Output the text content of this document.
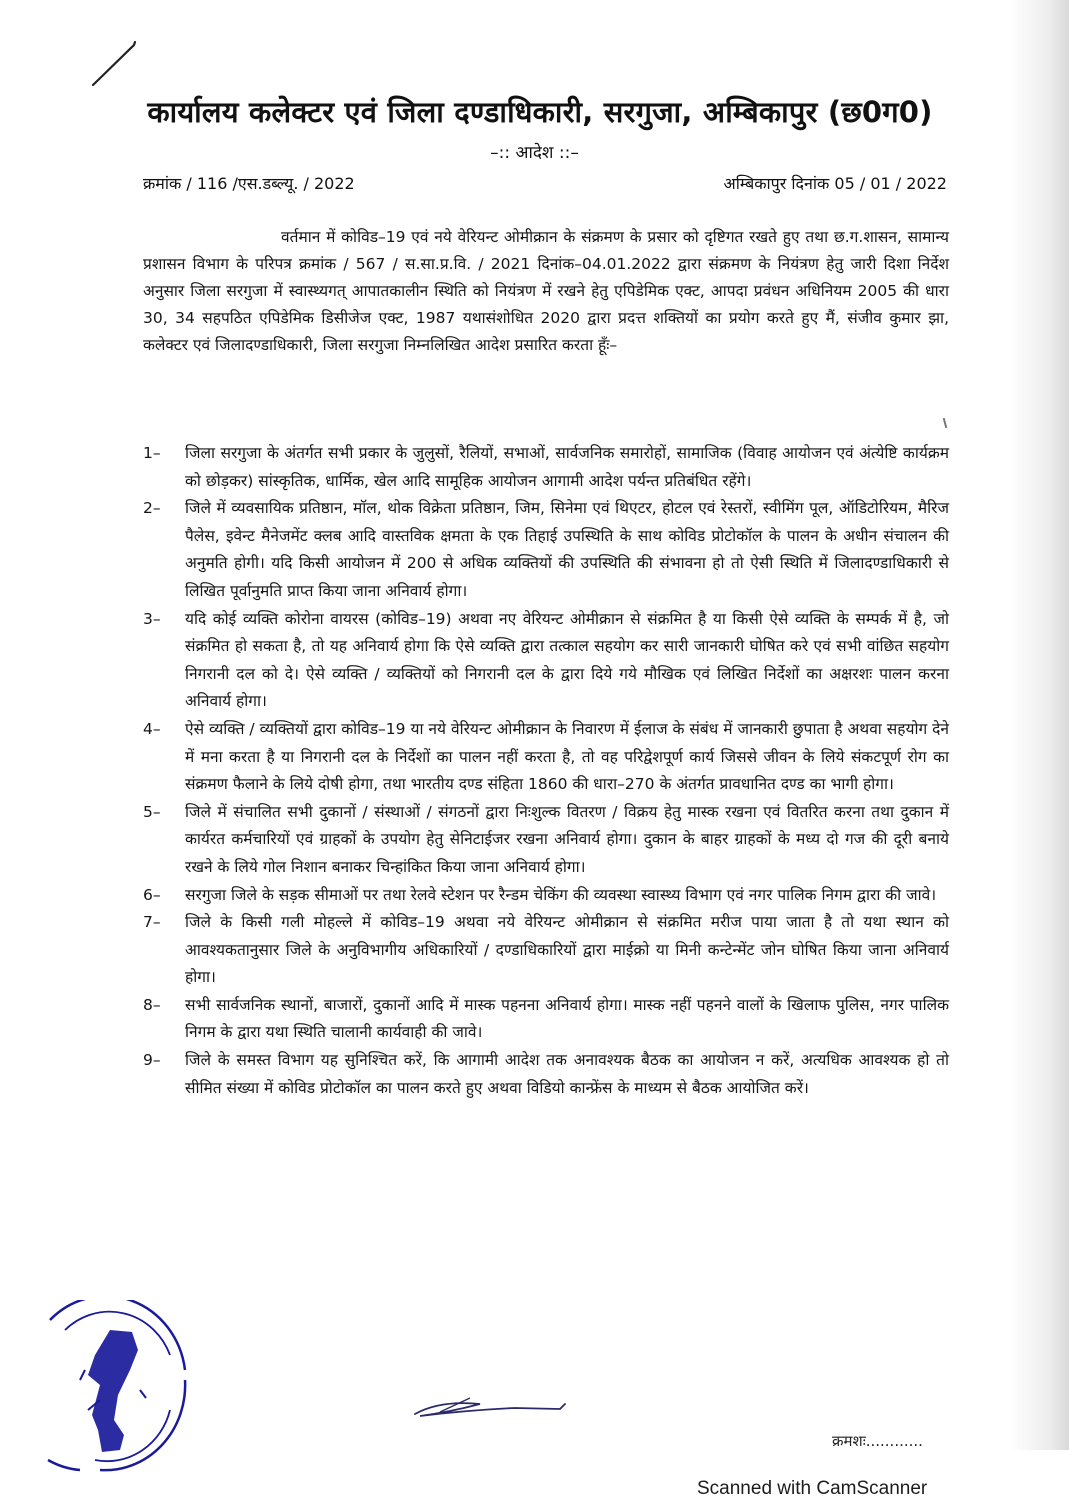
कार्यालय कलेक्टर एवं जिला दण्डाधिकारी, सरगुजा, अम्बिकापुर (छ0ग0)
–:: आदेश ::–
क्रमांक / 116 /एस.डब्ल्यू. / 2022	अम्बिकापुर दिनांक 05 / 01 / 2022
वर्तमान में कोविड–19 एवं नये वेरियन्ट ओमीक्रान के संक्रमण के प्रसार को दृष्टिगत रखते हुए तथा छ.ग.शासन, सामान्य प्रशासन विभाग के परिपत्र क्रमांक / 567 / स.सा.प्र.वि. / 2021 दिनांक–04.01.2022 द्वारा संक्रमण के नियंत्रण हेतु जारी दिशा निर्देश अनुसार जिला सरगुजा में स्वास्थ्यगत् आपातकालीन स्थिति को नियंत्रण में रखने हेतु एपिडेमिक एक्ट, आपदा प्रवंधन अधिनियम 2005 की धारा 30, 34 सहपठित एपिडेमिक डिसीजेज एक्ट, 1987 यथासंशोधित 2020 द्वारा प्रदत्त शक्तियों का प्रयोग करते हुए मैं, संजीव कुमार झा, कलेक्टर एवं जिलादण्डाधिकारी, जिला सरगुजा निम्नलिखित आदेश प्रसारित करता हूँः–
1–	जिला सरगुजा के अंतर्गत सभी प्रकार के जुलुसों, रैलियों, सभाओं, सार्वजनिक समारोहों, सामाजिक (विवाह आयोजन एवं अंत्येष्टि कार्यक्रम को छोड़कर) सांस्कृतिक, धार्मिक, खेल आदि सामूहिक आयोजन आगामी आदेश पर्यन्त प्रतिबंधित रहेंगे।
2–	जिले में व्यवसायिक प्रतिष्ठान, मॉल, थोक विक्रेता प्रतिष्ठान, जिम, सिनेमा एवं थिएटर, होटल एवं रेस्तरों, स्वीमिंग पूल, ऑडिटोरियम, मैरिज पैलेस, इवेन्ट मैनेजमेंट क्लब आदि वास्तविक क्षमता के एक तिहाई उपस्थिति के साथ कोविड प्रोटोकॉल के पालन के अधीन संचालन की अनुमति होगी। यदि किसी आयोजन में 200 से अधिक व्यक्तियों की उपस्थिति की संभावना हो तो ऐसी स्थिति में जिलादण्डाधिकारी से लिखित पूर्वानुमति प्राप्त किया जाना अनिवार्य होगा।
3–	यदि कोई व्यक्ति कोरोना वायरस (कोविड–19) अथवा नए वेरियन्ट ओमीक्रान से संक्रमित है या किसी ऐसे व्यक्ति के सम्पर्क में है, जो संक्रमित हो सकता है, तो यह अनिवार्य होगा कि ऐसे व्यक्ति द्वारा तत्काल सहयोग कर सारी जानकारी घोषित करे एवं सभी वांछित सहयोग निगरानी दल को दे। ऐसे व्यक्ति / व्यक्तियों को निगरानी दल के द्वारा दिये गये मौखिक एवं लिखित निर्देशों का अक्षरशः पालन करना अनिवार्य होगा।
4–	ऐसे व्यक्ति / व्यक्तियों द्वारा कोविड–19 या नये वेरियन्ट ओमीक्रान के निवारण में ईलाज के संबंध में जानकारी छुपाता है अथवा सहयोग देने में मना करता है या निगरानी दल के निर्देशों का पालन नहीं करता है, तो वह परिद्वेशपूर्ण कार्य जिससे जीवन के लिये संकटपूर्ण रोग का संक्रमण फैलाने के लिये दोषी होगा, तथा भारतीय दण्ड संहिता 1860 की धारा–270 के अंतर्गत प्रावधानित दण्ड का भागी होगा।
5–	जिले में संचालित सभी दुकानों / संस्थाओं / संगठनों द्वारा निःशुल्क वितरण / विक्रय हेतु मास्क रखना एवं वितरित करना तथा दुकान में कार्यरत कर्मचारियों एवं ग्राहकों के उपयोग हेतु सेनिटाईजर रखना अनिवार्य होगा। दुकान के बाहर ग्राहकों के मध्य दो गज की दूरी बनाये रखने के लिये गोल निशान बनाकर चिन्हांकित किया जाना अनिवार्य होगा।
6–	सरगुजा जिले के सड़क सीमाओं पर तथा रेलवे स्टेशन पर रैन्डम चेकिंग की व्यवस्था स्वास्थ्य विभाग एवं नगर पालिक निगम द्वारा की जावे।
7–	जिले के किसी गली मोहल्ले में कोविड–19 अथवा नये वेरियन्ट ओमीक्रान से संक्रमित मरीज पाया जाता है तो यथा स्थान को आवश्यकतानुसार जिले के अनुविभागीय अधिकारियों / दण्डाधिकारियों द्वारा माईक्रो या मिनी कन्टेन्मेंट जोन घोषित किया जाना अनिवार्य होगा।
8–	सभी सार्वजनिक स्थानों, बाजारों, दुकानों आदि में मास्क पहनना अनिवार्य होगा। मास्क नहीं पहनने वालों के खिलाफ पुलिस, नगर पालिक निगम के द्वारा यथा स्थिति चालानी कार्यवाही की जावे।
9–	जिले के समस्त विभाग यह सुनिश्चित करें, कि आगामी आदेश तक अनावश्यक बैठक का आयोजन न करें, अत्यधिक आवश्यक हो तो सीमित संख्या में कोविड प्रोटोकॉल का पालन करते हुए अथवा विडियो कान्फ्रेंस के माध्यम से बैठक आयोजित करें।
क्रमशः............
Scanned with CamScanner
